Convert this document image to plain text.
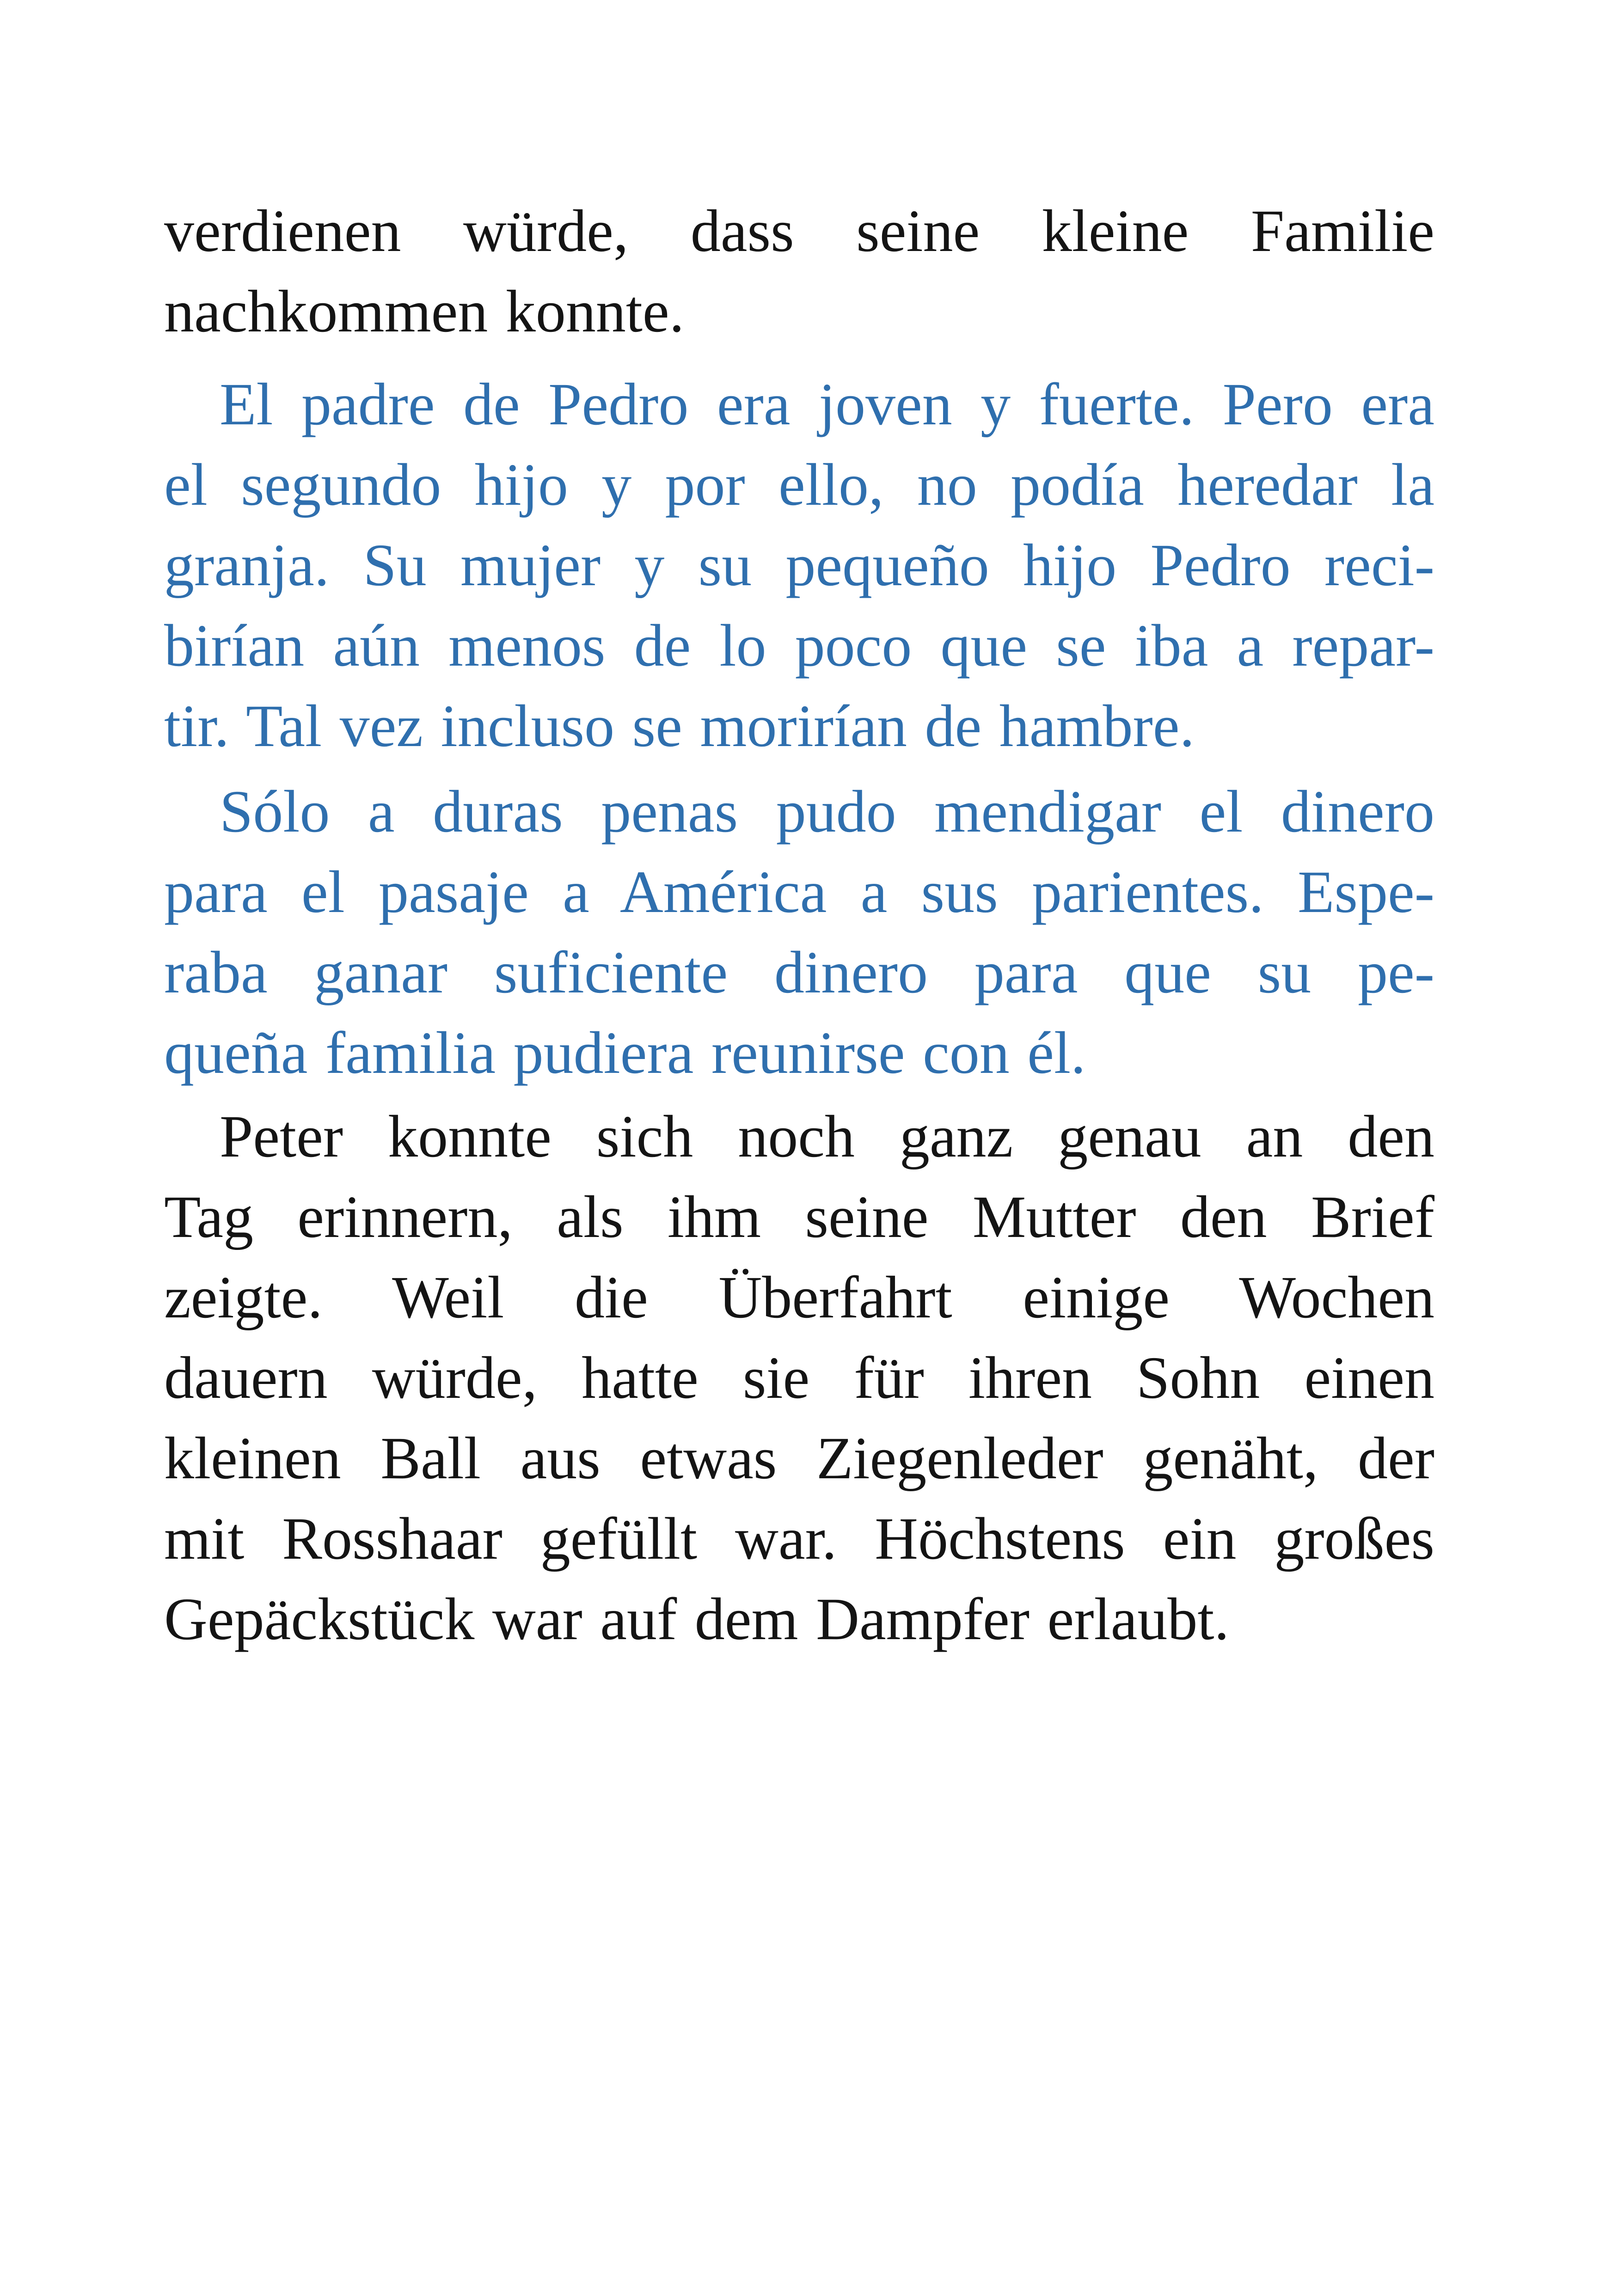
verdienen würde, dass seine kleine Familie
nachkommen konnte.

El padre de Pedro era joven y fuerte. Pero era
el segundo hijo y por ello, no podía heredar la
granja. Su mujer y su pequeño hijo Pedro reci-
birían aún menos de lo poco que se iba a repar-
tir. Tal vez incluso se morirían de hambre.

Sólo a duras penas pudo mendigar el dinero
para el pasaje a América a sus parientes. Espe-
raba ganar suficiente dinero para que su pe-
queña familia pudiera reunirse con él.

Peter konnte sich noch ganz genau an den
Tag erinnern, als ihm seine Mutter den Brief
zeigte. Weil die Überfahrt einige Wochen
dauern würde, hatte sie für ihren Sohn einen
kleinen Ball aus etwas Ziegenleder genäht, der
mit Rosshaar gefüllt war. Höchstens ein großes
Gepäckstück war auf dem Dampfer erlaubt.
